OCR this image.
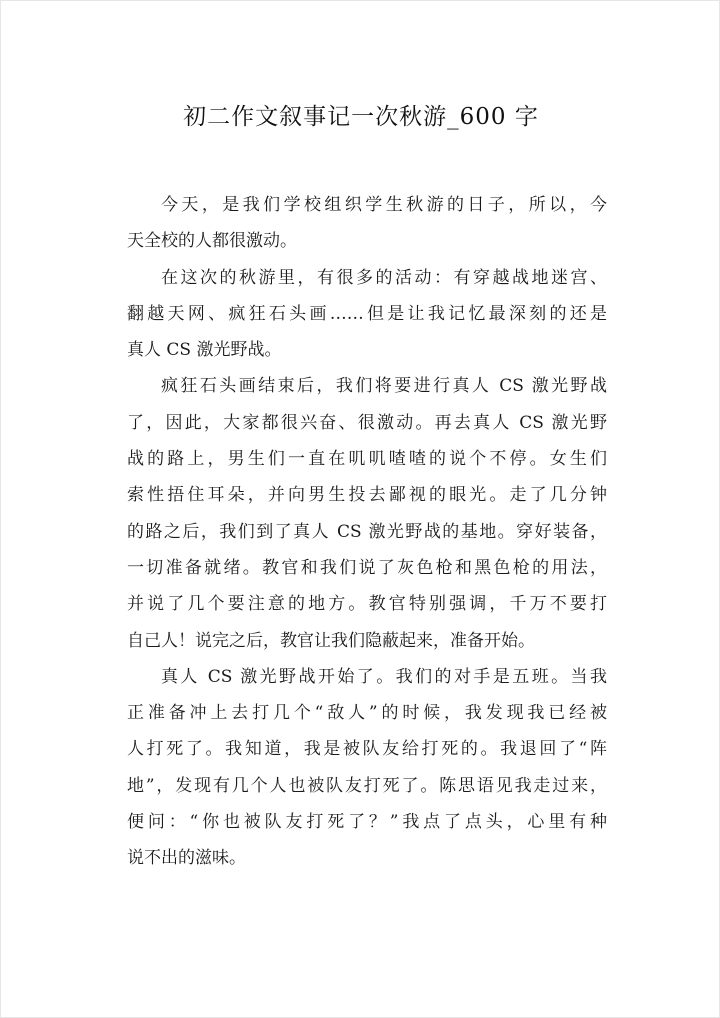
初二作文叙事记一次秋游_600 字
今天，是我们学校组织学生秋游的日子，所以，今
天全校的人都很激动。
在这次的秋游里，有很多的活动：有穿越战地迷宫、
翻越天网、疯狂石头画……但是让我记忆最深刻的还是
真人 CS 激光野战。
疯狂石头画结束后，我们将要进行真人 CS 激光野战
了，因此，大家都很兴奋、很激动。再去真人 CS 激光野
战的路上，男生们一直在叽叽喳喳的说个不停。女生们
索性捂住耳朵，并向男生投去鄙视的眼光。走了几分钟
的路之后，我们到了真人 CS 激光野战的基地。穿好装备，
一切准备就绪。教官和我们说了灰色枪和黑色枪的用法，
并说了几个要注意的地方。教官特别强调，千万不要打
自己人！说完之后，教官让我们隐蔽起来，准备开始。
真人 CS 激光野战开始了。我们的对手是五班。当我
正准备冲上去打几个“敌人”的时候，我发现我已经被
人打死了。我知道，我是被队友给打死的。我退回了“阵
地”，发现有几个人也被队友打死了。陈思语见我走过来，
便问：“你也被队友打死了？”我点了点头，心里有种
说不出的滋味。
